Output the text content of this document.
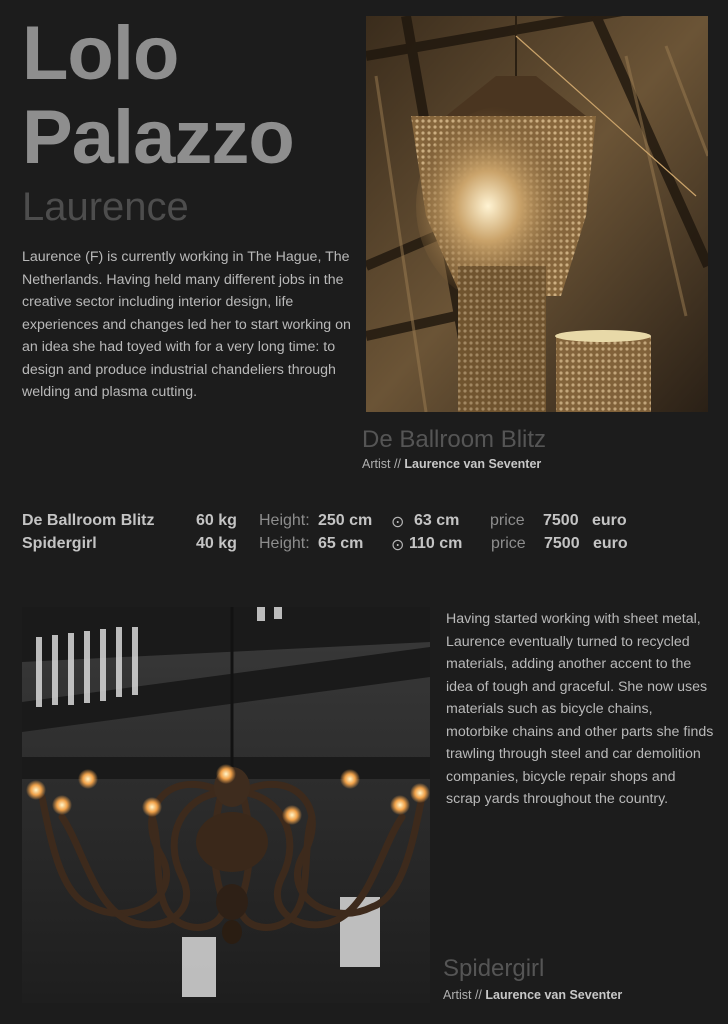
Lolo
Palazzo
Laurence
Laurence (F) is currently working in The Hague, The Netherlands. Having held many different jobs in the creative sector including interior design, life experiences and changes led her to start working on an idea she had toyed with for a very long time: to design and produce industrial chandeliers through welding and plasma cutting.
De Ballroom Blitz
Artist // Laurence van Seventer
De Ballroom Blitz	60 kg Height: 250 cm ⊙ 63 cm price 7500 euro
Spidergirl	40 kg Height: 65 cm ⊙ 110 cm price 7500 euro
Having started working with sheet metal, Laurence eventually turned to recycled materials, adding another accent to the idea of tough and graceful. She now uses materials such as bicycle chains, motorbike chains and other parts she finds trawling through steel and car demolition companies, bicycle repair shops and scrap yards throughout the country.
Spidergirl
Artist // Laurence van Seventer
